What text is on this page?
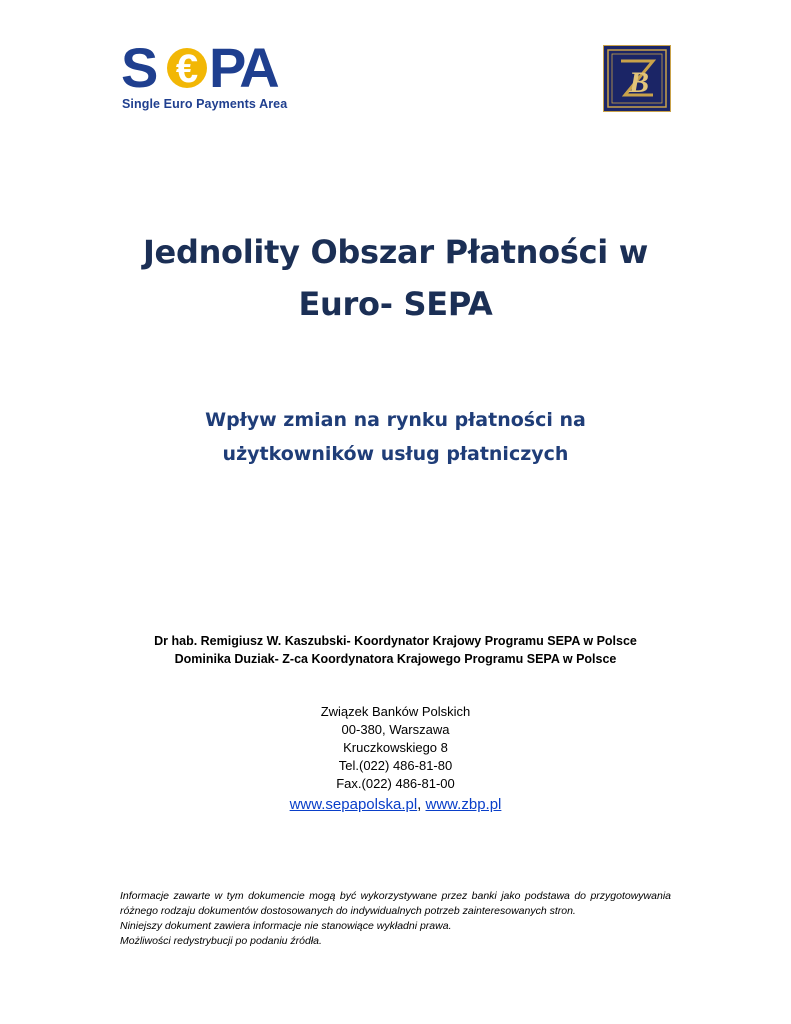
S € PA
Single Euro Payments Area
B
Jednolity Obszar Płatności w
Euro- SEPA
Wpływ zmian na rynku płatności na
użytkowników usług płatniczych
Dr hab. Remigiusz W. Kaszubski- Koordynator Krajowy Programu SEPA w Polsce
Dominika Duziak- Z-ca Koordynatora Krajowego Programu SEPA w Polsce
Związek Banków Polskich
00-380, Warszawa
Kruczkowskiego 8
Tel.(022) 486-81-80
Fax.(022) 486-81-00
www.sepapolska.pl, www.zbp.pl

Informacje zawarte w tym dokumencie mogą być wykorzystywane przez banki jako podstawa do przygotowywania różnego rodzaju dokumentów dostosowanych do indywidualnych potrzeb zainteresowanych stron.

Niniejszy dokument zawiera informacje nie stanowiące wykładni prawa.

Możliwości redystrybucji po podaniu źródła.
